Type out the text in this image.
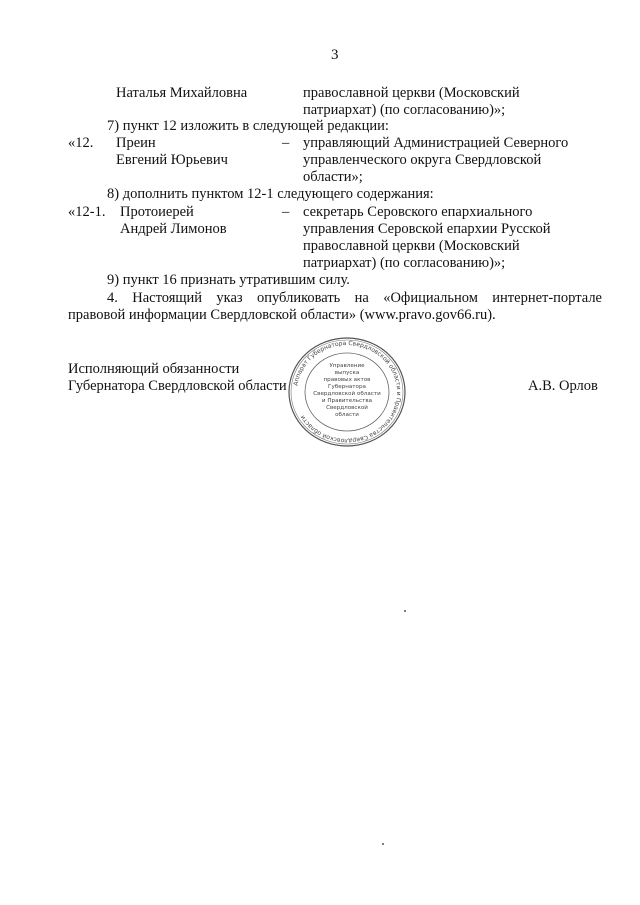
3
Наталья Михайловна	православной церкви (Московский
патриархат) (по согласованию)»;
7) пункт 12 изложить в следующей редакции:
«12. Преин
Евгений Юрьевич
– управляющий Администрацией Северного
управленческого округа Свердловской
области»;
8) дополнить пунктом 12-1 следующего содержания:
«12-1. Протоиерей
Андрей Лимонов
– секретарь Серовского епархиального
управления Серовской епархии Русской
православной церкви (Московский
патриархат) (по согласованию)»;
9) пункт 16 признать утратившим силу.
4. Настоящий указ опубликовать на «Официальном интернет-портале
правовой информации Свердловской области» (www.pravo.gov66.ru).
Исполняющий обязанности
Губернатора Свердловской области	А.В. Орлов
Аппарат Губернатора Свердловской области и Правительства Свердловской области
Управление
выпуска
правовых актов
Губернатора
Свердловской области
и Правительства
Свердловской
области
